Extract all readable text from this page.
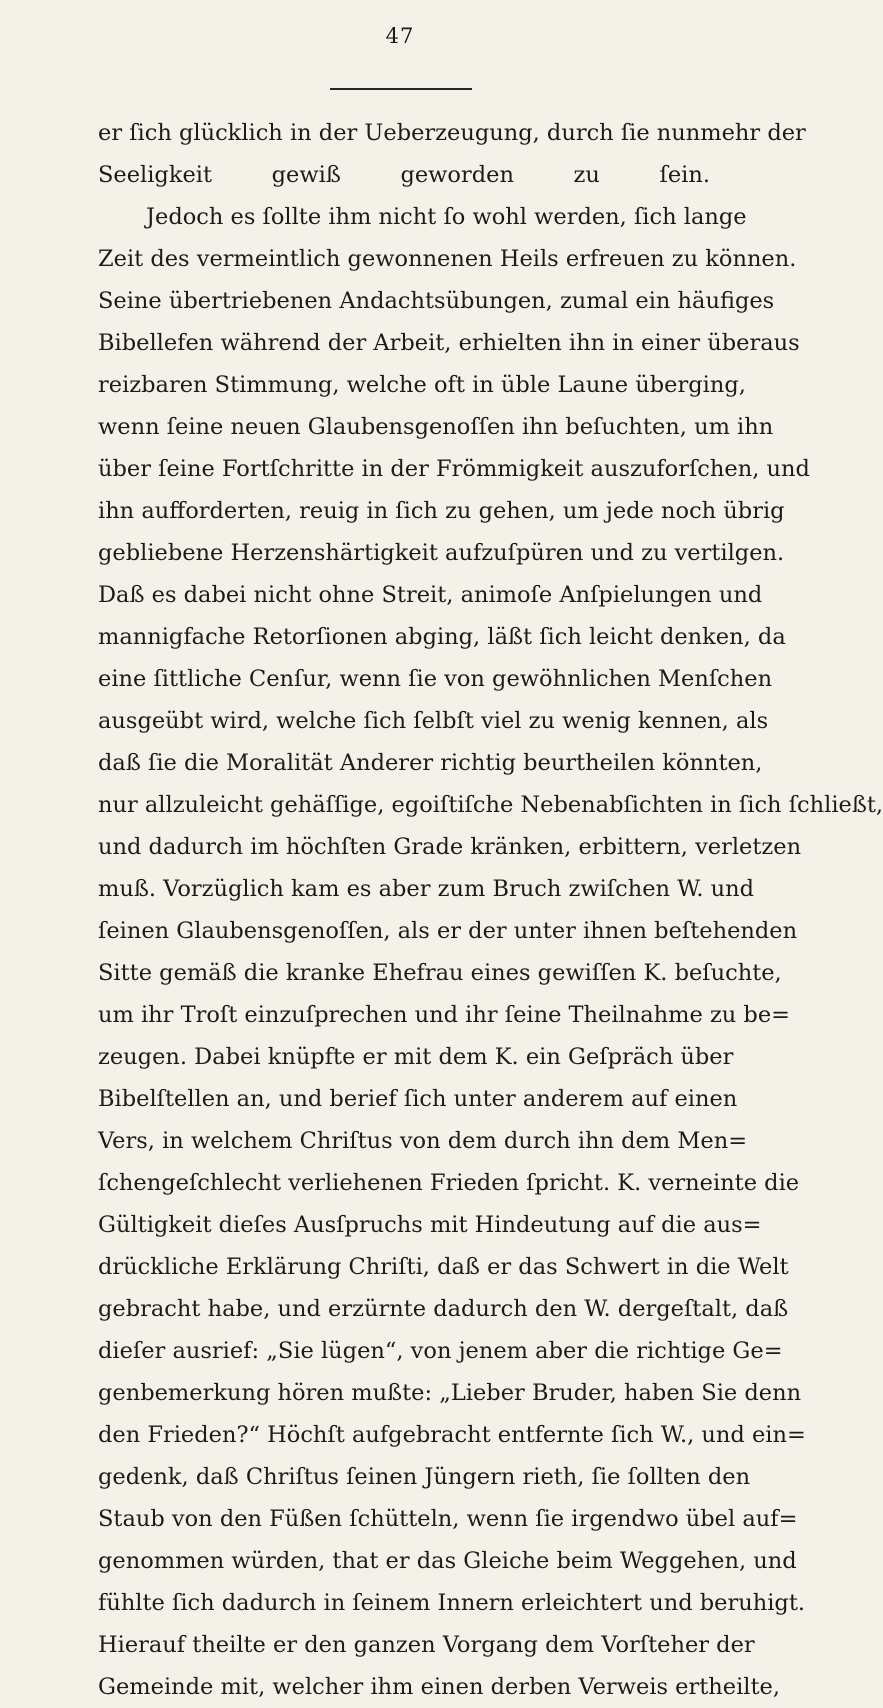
47
er ſich glücklich in der Ueberzeugung, durch ſie nunmehr der
Seeligkeit gewiß geworden zu ſein.
Jedoch es ſollte ihm nicht ſo wohl werden, ſich lange
Zeit des vermeintlich gewonnenen Heils erfreuen zu können.
Seine übertriebenen Andachtsübungen, zumal ein häufiges
Bibellefen während der Arbeit, erhielten ihn in einer überaus
reizbaren Stimmung, welche oft in üble Laune überging,
wenn ſeine neuen Glaubensgenoſſen ihn beſuchten, um ihn
über ſeine Fortſchritte in der Frömmigkeit auszuforſchen, und
ihn aufforderten, reuig in ſich zu gehen, um jede noch übrig
gebliebene Herzenshärtigkeit aufzuſpüren und zu vertilgen.
Daß es dabei nicht ohne Streit, animoſe Anſpielungen und
mannigfache Retorſionen abging, läßt ſich leicht denken, da
eine ſittliche Cenſur, wenn ſie von gewöhnlichen Menſchen
ausgeübt wird, welche ſich ſelbſt viel zu wenig kennen, als
daß ſie die Moralität Anderer richtig beurtheilen könnten,
nur allzuleicht gehäſſige, egoiſtiſche Nebenabſichten in ſich ſchließt,
und dadurch im höchſten Grade kränken, erbittern, verletzen
muß. Vorzüglich kam es aber zum Bruch zwiſchen W. und
ſeinen Glaubensgenoſſen, als er der unter ihnen beſtehenden
Sitte gemäß die kranke Ehefrau eines gewiſſen K. beſuchte,
um ihr Troſt einzuſprechen und ihr ſeine Theilnahme zu be=
zeugen. Dabei knüpfte er mit dem K. ein Geſpräch über
Bibelſtellen an, und berief ſich unter anderem auf einen
Vers, in welchem Chriſtus von dem durch ihn dem Men=
ſchengeſchlecht verliehenen Frieden ſpricht. K. verneinte die
Gültigkeit dieſes Ausſpruchs mit Hindeutung auf die aus=
drückliche Erklärung Chriſti, daß er das Schwert in die Welt
gebracht habe, und erzürnte dadurch den W. dergeſtalt, daß
dieſer ausrief: „Sie lügen“, von jenem aber die richtige Ge=
genbemerkung hören mußte: „Lieber Bruder, haben Sie denn
den Frieden?“ Höchſt aufgebracht entfernte ſich W., und ein=
gedenk, daß Chriſtus ſeinen Jüngern rieth, ſie ſollten den
Staub von den Füßen ſchütteln, wenn ſie irgendwo übel auf=
genommen würden, that er das Gleiche beim Weggehen, und
fühlte ſich dadurch in ſeinem Innern erleichtert und beruhigt.
Hierauf theilte er den ganzen Vorgang dem Vorſteher der
Gemeinde mit, welcher ihm einen derben Verweis ertheilte,
